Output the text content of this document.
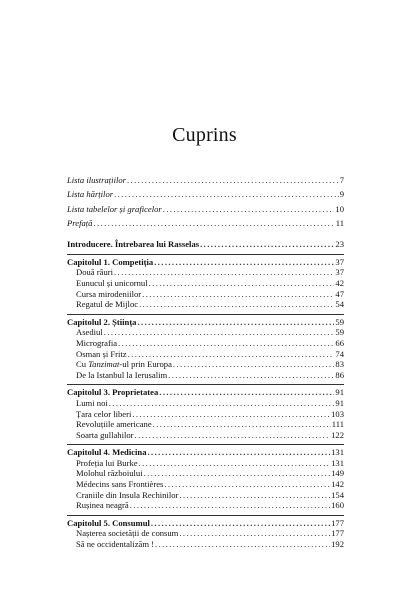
Cuprins
Lista ilustrațiilor .....	7
Lista hărților .....	9
Lista tabelelor și graficelor .....	10
Prefață .....	11
Introducere. Întrebarea lui Rasselas .....	23
Capitolul 1. Competiția .....	37
Două râuri .....	37
Eunucul și unicornul .....	42
Cursa mirodeniilor .....	47
Regatul de Mijloc .....	54
Capitolul 2. Știința .....	59
Asediul .....	59
Micrografia .....	66
Osman și Fritz .....	74
Cu Tanzimat-ul prin Europa .....	83
De la Istanbul la Ierusalim .....	86
Capitolul 3. Proprietatea .....	91
Lumi noi .....	91
Țara celor liberi .....	103
Revoluțiile americane .....	111
Soarta gullahilor .....	122
Capitolul 4. Medicina .....	131
Profeția lui Burke .....	131
Molohul războiului .....	149
Médecins sans Frontières .....	142
Craniile din Insula Rechinilor .....	154
Rușinea neagră .....	160
Capitolul 5. Consumul .....	177
Nașterea societății de consum .....	177
Să ne occidentalizăm ! .....	192
